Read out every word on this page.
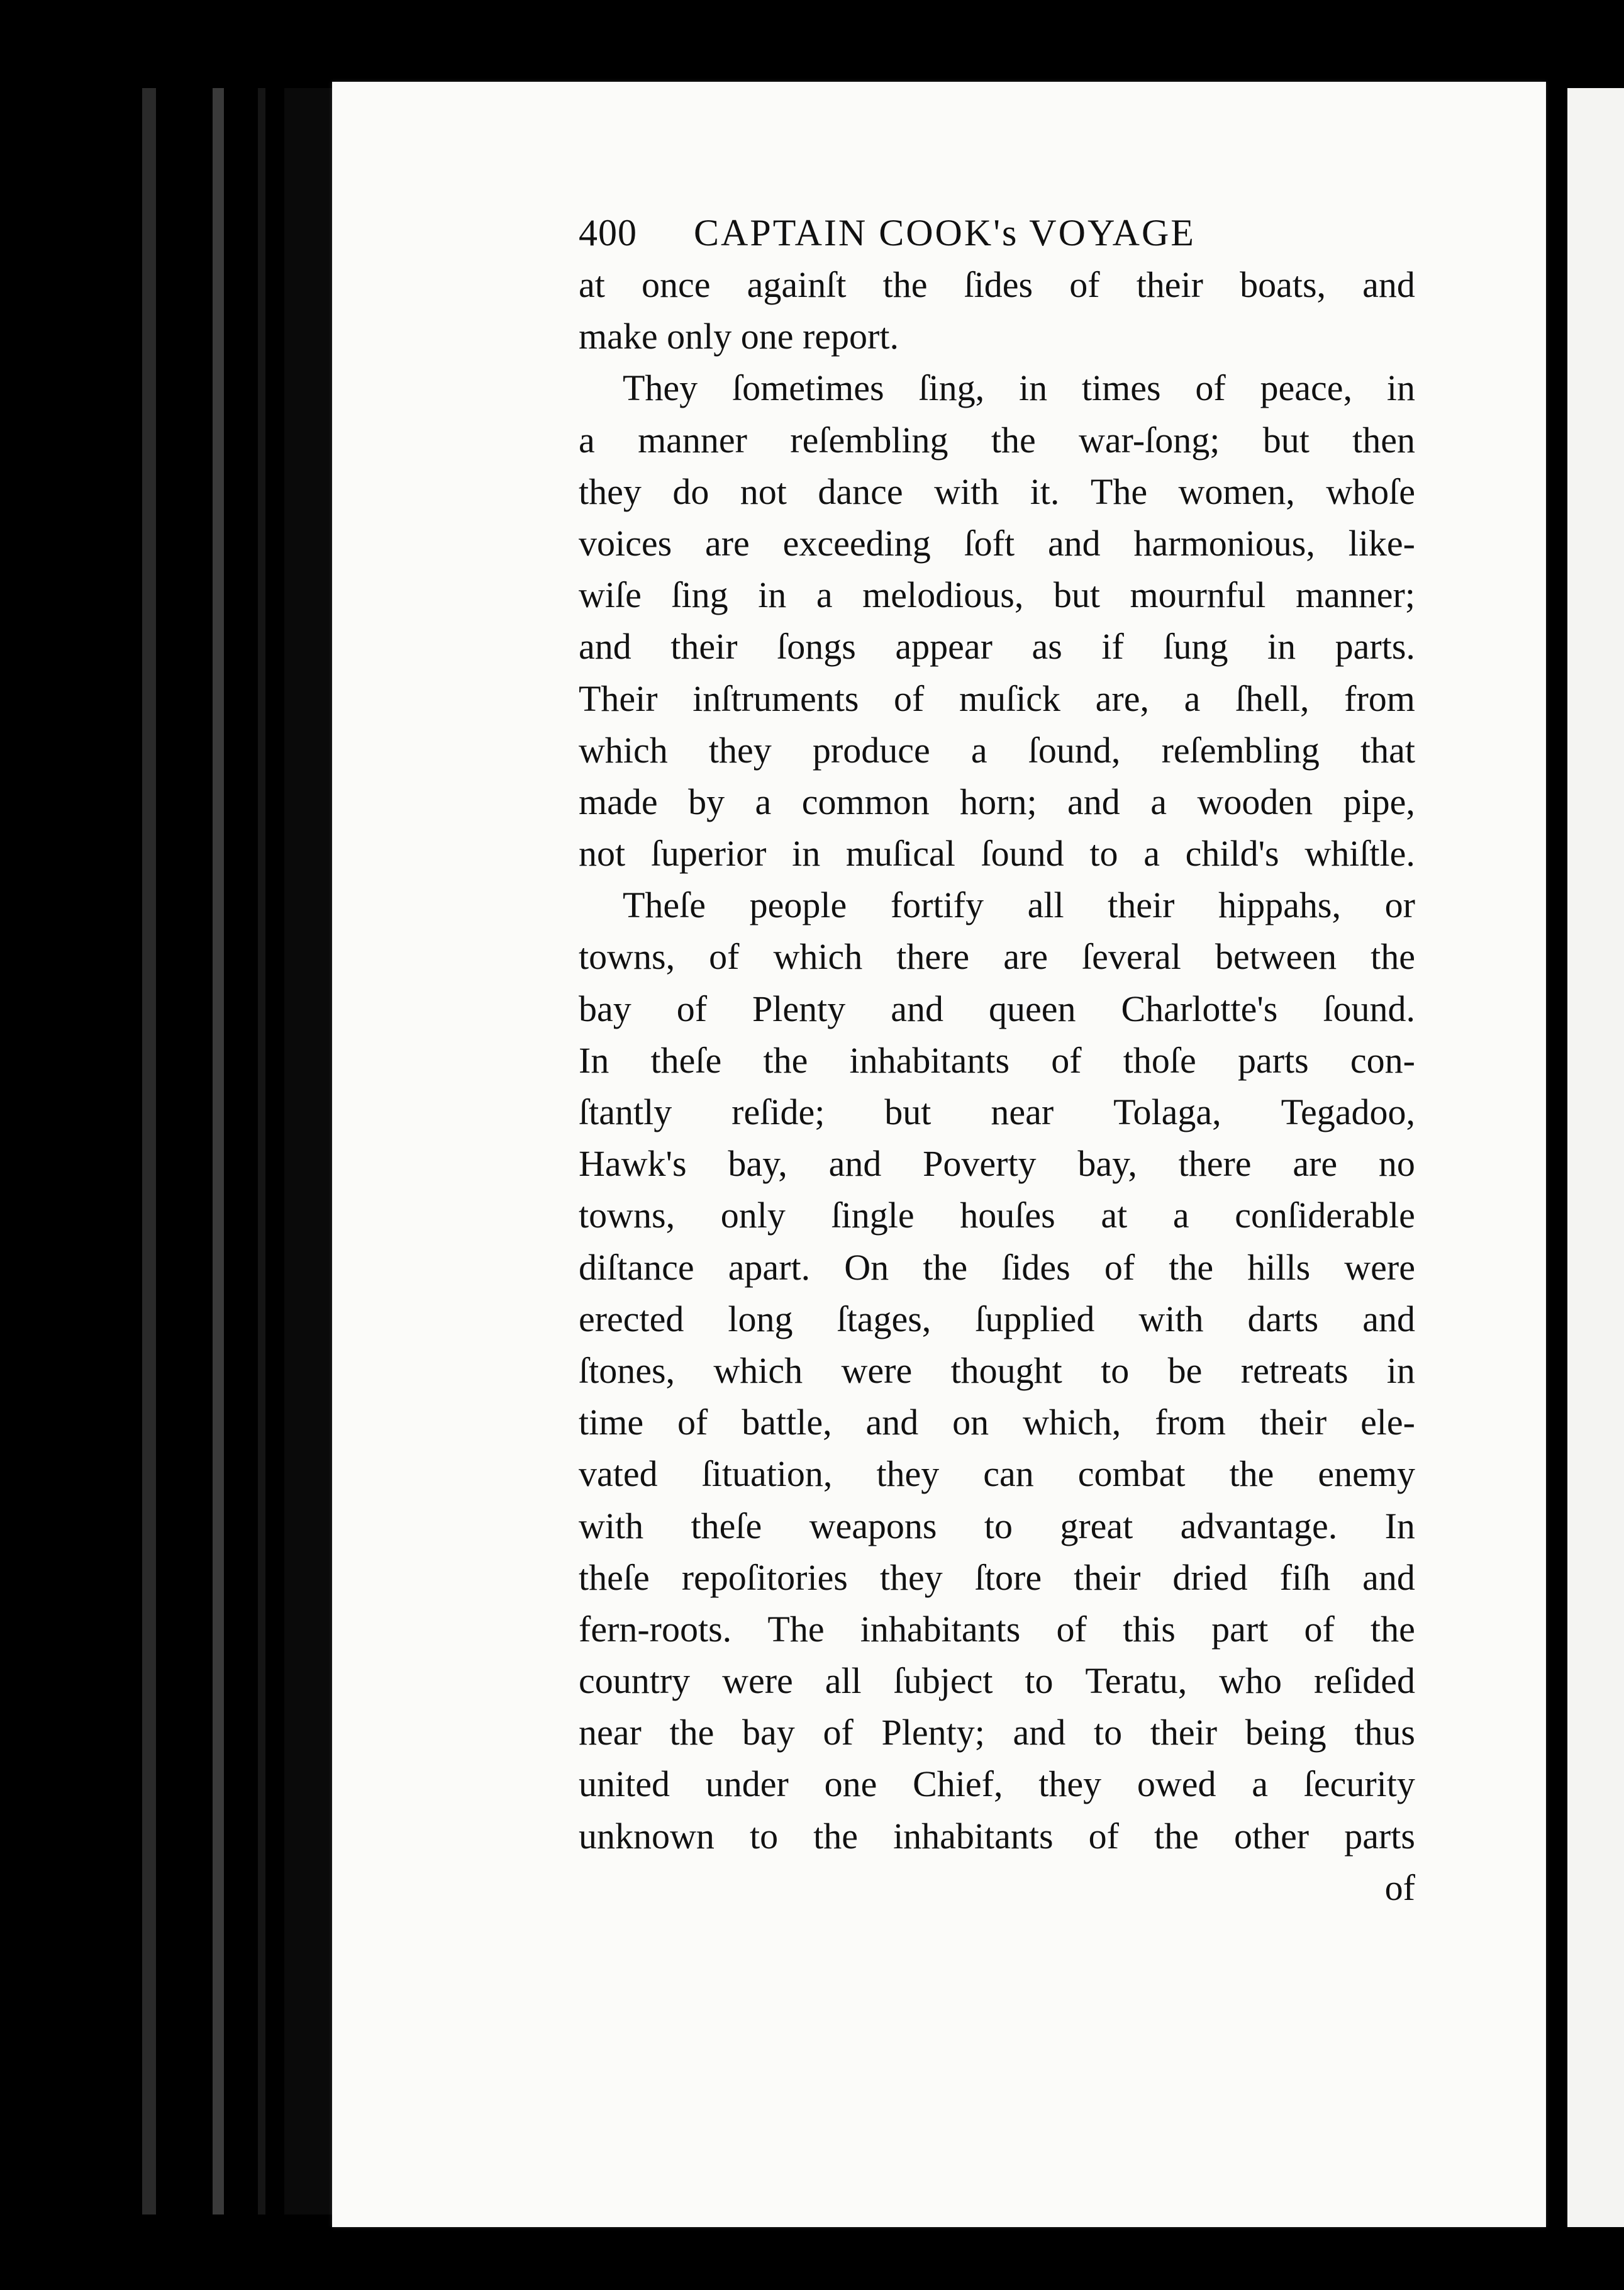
400 CAPTAIN COOK's VOYAGE
at once againſt the ſides of their boats, and
make only one report.
They ſometimes ſing, in times of peace, in
a manner reſembling the war-ſong; but then
they do not dance with it. The women, whoſe
voices are exceeding ſoft and harmonious, like-
wiſe ſing in a melodious, but mournful manner;
and their ſongs appear as if ſung in parts.
Their inſtruments of muſick are, a ſhell, from
which they produce a ſound, reſembling that
made by a common horn; and a wooden pipe,
not ſuperior in muſical ſound to a child's whiſtle.
Theſe people fortify all their hippahs, or
towns, of which there are ſeveral between the
bay of Plenty and queen Charlotte's ſound.
In theſe the inhabitants of thoſe parts con-
ſtantly reſide; but near Tolaga, Tegadoo,
Hawk's bay, and Poverty bay, there are no
towns, only ſingle houſes at a conſiderable
diſtance apart. On the ſides of the hills were
erected long ſtages, ſupplied with darts and
ſtones, which were thought to be retreats in
time of battle, and on which, from their ele-
vated ſituation, they can combat the enemy
with theſe weapons to great advantage. In
theſe repoſitories they ſtore their dried fiſh and
fern-roots. The inhabitants of this part of the
country were all ſubject to Teratu, who reſided
near the bay of Plenty; and to their being thus
united under one Chief, they owed a ſecurity
unknown to the inhabitants of the other parts
of
